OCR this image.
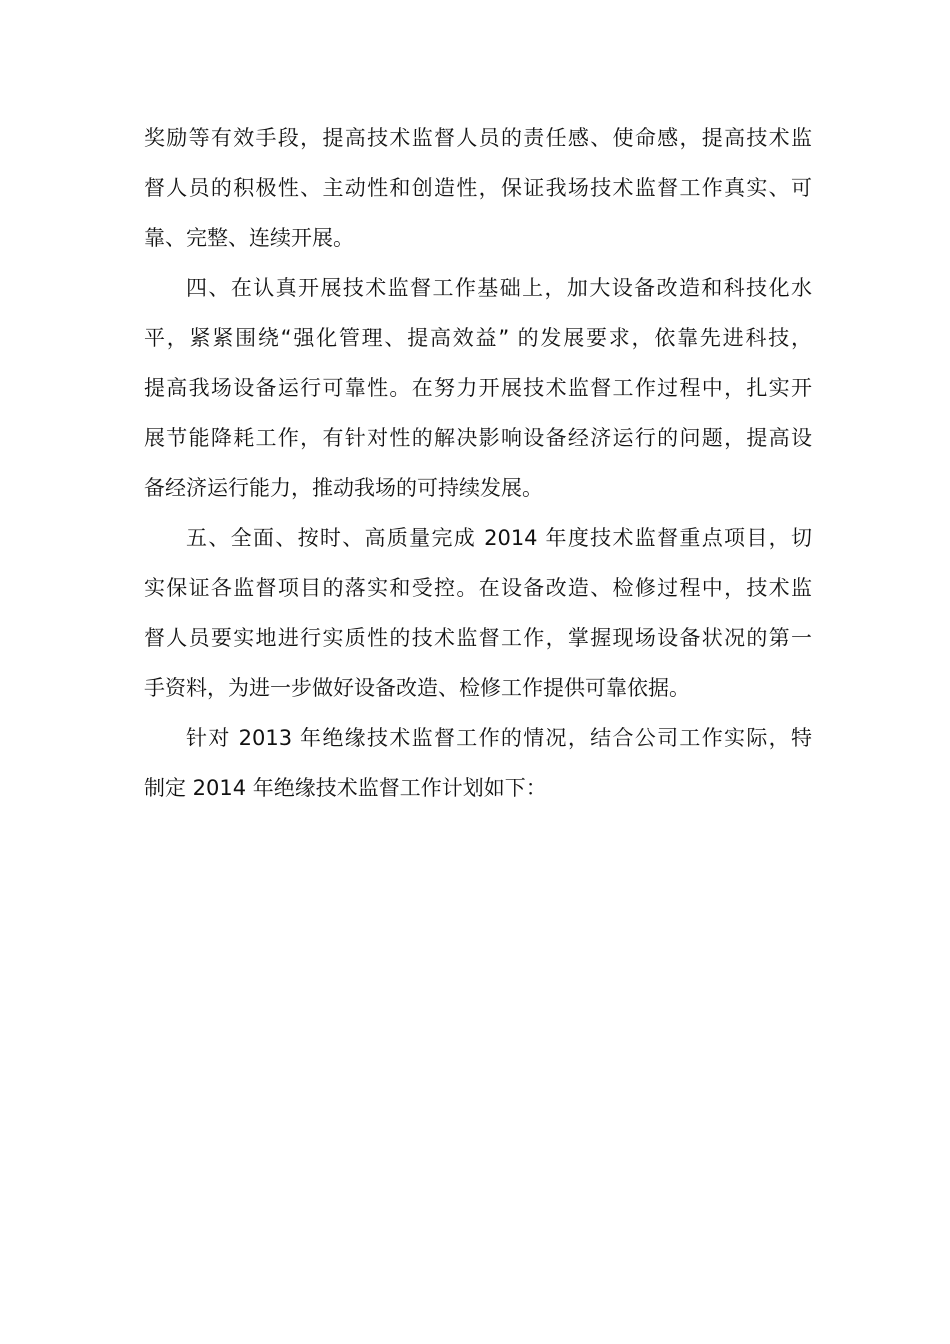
奖励等有效手段，提高技术监督人员的责任感、使命感，提高技术监
督人员的积极性、主动性和创造性，保证我场技术监督工作真实、可
靠、完整、连续开展。
四、在认真开展技术监督工作基础上，加大设备改造和科技化水
平，紧紧围绕“强化管理、提高效益” 的发展要求，依靠先进科技，
提高我场设备运行可靠性。在努力开展技术监督工作过程中，扎实开
展节能降耗工作，有针对性的解决影响设备经济运行的问题，提高设
备经济运行能力，推动我场的可持续发展。
五、全面、按时、高质量完成 2014 年度技术监督重点项目，切
实保证各监督项目的落实和受控。在设备改造、检修过程中，技术监
督人员要实地进行实质性的技术监督工作，掌握现场设备状况的第一
手资料，为进一步做好设备改造、检修工作提供可靠依据。
针对 2013 年绝缘技术监督工作的情况，结合公司工作实际，特
制定 2014 年绝缘技术监督工作计划如下：
